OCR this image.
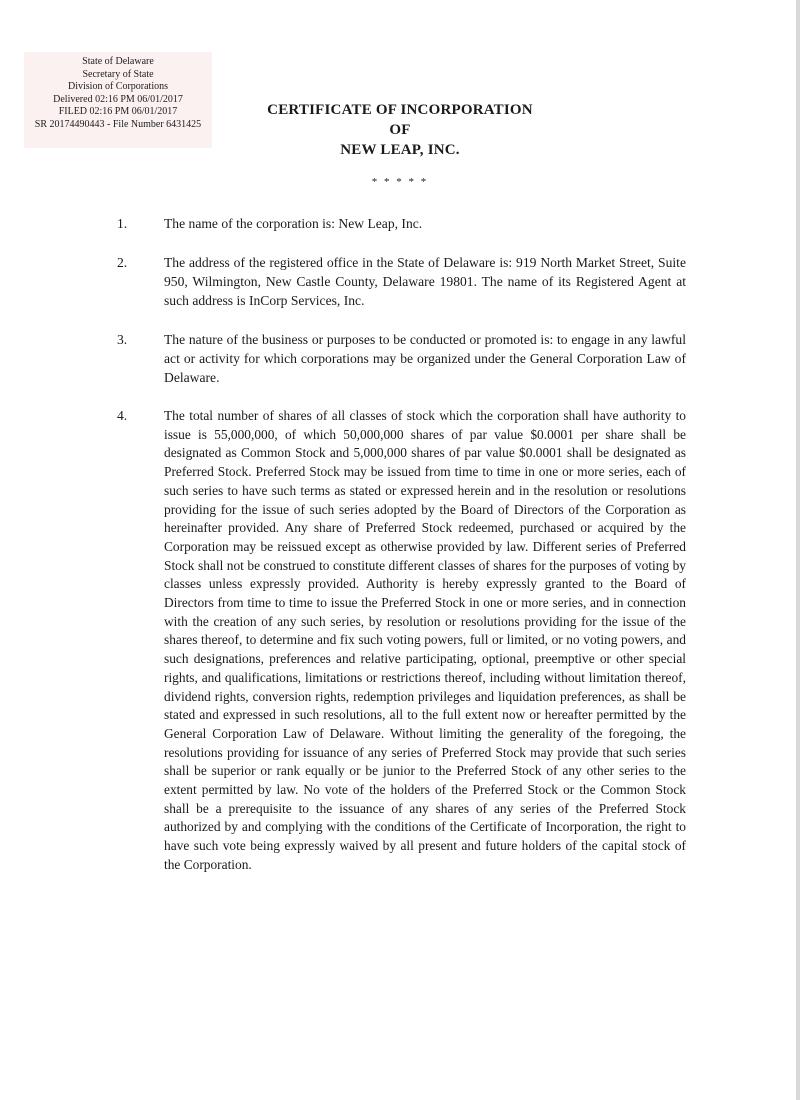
State of Delaware
Secretary of State
Division of Corporations
Delivered 02:16 PM 06/01/2017
FILED 02:16 PM 06/01/2017
SR 20174490443 - File Number 6431425
CERTIFICATE OF INCORPORATION
OF
NEW LEAP, INC.
* * * * *
1.	The name of the corporation is: New Leap, Inc.
2.	The address of the registered office in the State of Delaware is: 919 North Market Street, Suite 950, Wilmington, New Castle County, Delaware 19801. The name of its Registered Agent at such address is InCorp Services, Inc.
3.	The nature of the business or purposes to be conducted or promoted is: to engage in any lawful act or activity for which corporations may be organized under the General Corporation Law of Delaware.
4.	The total number of shares of all classes of stock which the corporation shall have authority to issue is 55,000,000, of which 50,000,000 shares of par value $0.0001 per share shall be designated as Common Stock and 5,000,000 shares of par value $0.0001 shall be designated as Preferred Stock. Preferred Stock may be issued from time to time in one or more series, each of such series to have such terms as stated or expressed herein and in the resolution or resolutions providing for the issue of such series adopted by the Board of Directors of the Corporation as hereinafter provided. Any share of Preferred Stock redeemed, purchased or acquired by the Corporation may be reissued except as otherwise provided by law. Different series of Preferred Stock shall not be construed to constitute different classes of shares for the purposes of voting by classes unless expressly provided. Authority is hereby expressly granted to the Board of Directors from time to time to issue the Preferred Stock in one or more series, and in connection with the creation of any such series, by resolution or resolutions providing for the issue of the shares thereof, to determine and fix such voting powers, full or limited, or no voting powers, and such designations, preferences and relative participating, optional, preemptive or other special rights, and qualifications, limitations or restrictions thereof, including without limitation thereof, dividend rights, conversion rights, redemption privileges and liquidation preferences, as shall be stated and expressed in such resolutions, all to the full extent now or hereafter permitted by the General Corporation Law of Delaware. Without limiting the generality of the foregoing, the resolutions providing for issuance of any series of Preferred Stock may provide that such series shall be superior or rank equally or be junior to the Preferred Stock of any other series to the extent permitted by law. No vote of the holders of the Preferred Stock or the Common Stock shall be a prerequisite to the issuance of any shares of any series of the Preferred Stock authorized by and complying with the conditions of the Certificate of Incorporation, the right to have such vote being expressly waived by all present and future holders of the capital stock of the Corporation.
